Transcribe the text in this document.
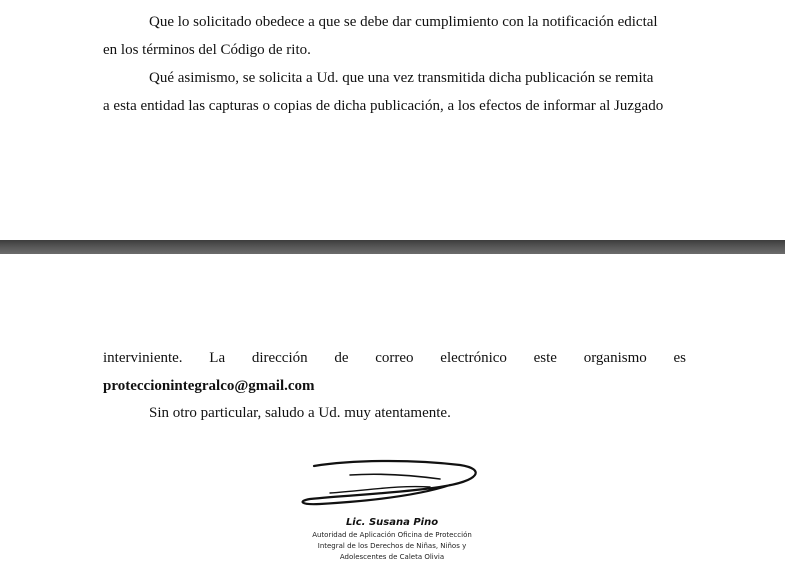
Que lo solicitado obedece a que se debe dar cumplimiento con la notificación edictal
en los términos del Código de rito.
Qué asimismo, se solicita a Ud. que una vez transmitida dicha publicación se remita
a esta entidad las capturas o copias de dicha publicación, a los efectos de informar al Juzgado
interviniente. La dirección de correo electrónico este organismo es
proteccionintegralco@gmail.com
Sin otro particular, saludo a Ud. muy atentamente.
Lic. Susana Pino
Autoridad de Aplicación Oficina de Protección
Integral de los Derechos de Niñas, Niños y
Adolescentes de Caleta Olivia
